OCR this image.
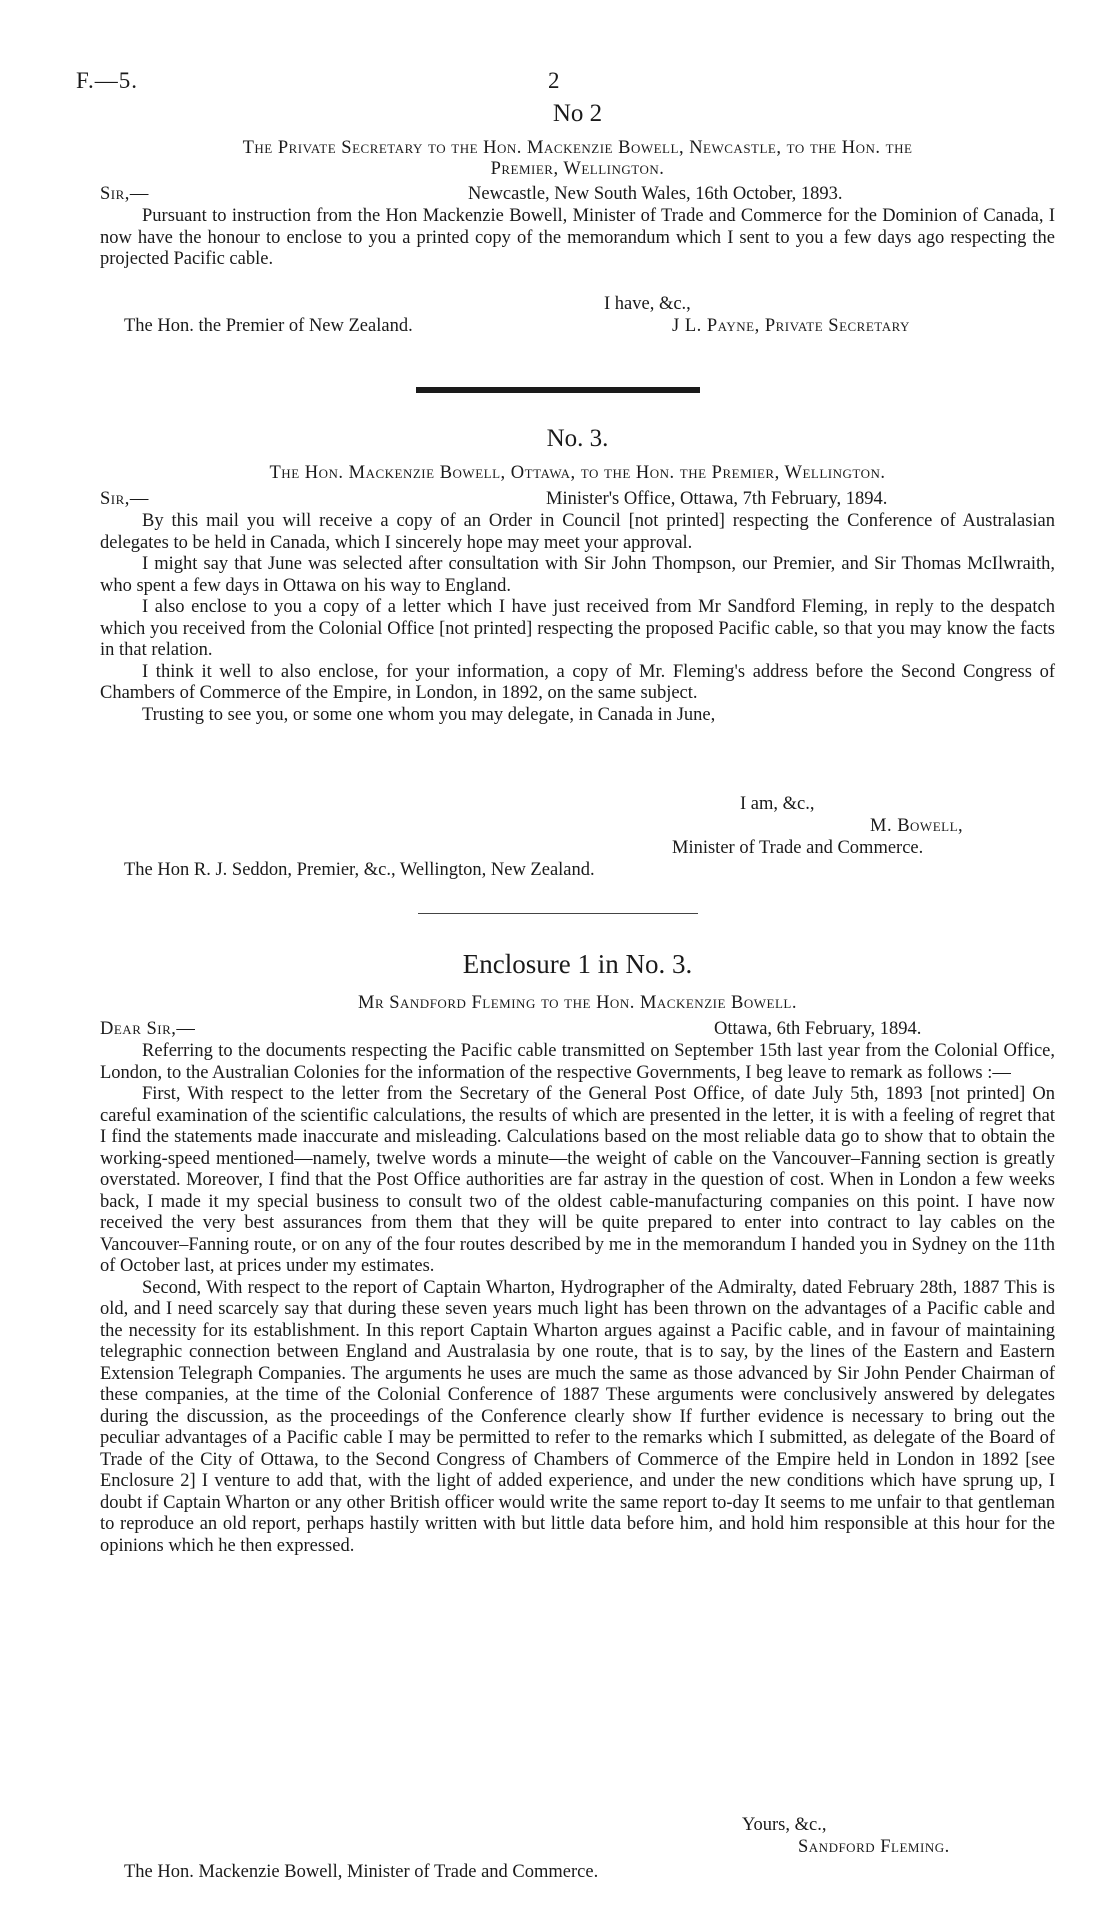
F.—5.	2
No 2
The Private Secretary to the Hon. Mackenzie Bowell, Newcastle, to the Hon. the
Premier, Wellington.
Sir,—	Newcastle, New South Wales, 16th October, 1893.

Pursuant to instruction from the Hon Mackenzie Bowell, Minister of Trade and Commerce for the Dominion of Canada, I now have the honour to enclose to you a printed copy of the memorandum which I sent to you a few days ago respecting the projected Pacific cable.

I have, &c.,
The Hon. the Premier of New Zealand.	J L. Payne, Private Secretary
No. 3.
The Hon. Mackenzie Bowell, Ottawa, to the Hon. the Premier, Wellington.
Sir,—	Minister's Office, Ottawa, 7th February, 1894.

By this mail you will receive a copy of an Order in Council [not printed] respecting the Conference of Australasian delegates to be held in Canada, which I sincerely hope may meet your approval.

I might say that June was selected after consultation with Sir John Thompson, our Premier, and Sir Thomas McIlwraith, who spent a few days in Ottawa on his way to England.

I also enclose to you a copy of a letter which I have just received from Mr Sandford Fleming, in reply to the despatch which you received from the Colonial Office [not printed] respecting the proposed Pacific cable, so that you may know the facts in that relation.

I think it well to also enclose, for your information, a copy of Mr. Fleming's address before the Second Congress of Chambers of Commerce of the Empire, in London, in 1892, on the same subject.

Trusting to see you, or some one whom you may delegate, in Canada in June,

I am, &c.,
M. Bowell,
Minister of Trade and Commerce.
The Hon R. J. Seddon, Premier, &c., Wellington, New Zealand.
Enclosure 1 in No. 3.
Mr Sandford Fleming to the Hon. Mackenzie Bowell.
Dear Sir,—	Ottawa, 6th February, 1894.

Referring to the documents respecting the Pacific cable transmitted on September 15th last year from the Colonial Office, London, to the Australian Colonies for the information of the respective Governments, I beg leave to remark as follows :—

First, With respect to the letter from the Secretary of the General Post Office, of date July 5th, 1893 [not printed] On careful examination of the scientific calculations, the results of which are presented in the letter, it is with a feeling of regret that I find the statements made inaccurate and misleading. Calculations based on the most reliable data go to show that to obtain the working-speed mentioned—namely, twelve words a minute—the weight of cable on the Vancouver–Fanning section is greatly overstated. Moreover, I find that the Post Office authorities are far astray in the question of cost. When in London a few weeks back, I made it my special business to consult two of the oldest cable-manufacturing companies on this point. I have now received the very best assurances from them that they will be quite prepared to enter into contract to lay cables on the Vancouver–Fanning route, or on any of the four routes described by me in the memorandum I handed you in Sydney on the 11th of October last, at prices under my estimates.

Second, With respect to the report of Captain Wharton, Hydrographer of the Admiralty, dated February 28th, 1887 This is old, and I need scarcely say that during these seven years much light has been thrown on the advantages of a Pacific cable and the necessity for its establishment. In this report Captain Wharton argues against a Pacific cable, and in favour of maintaining telegraphic connection between England and Australasia by one route, that is to say, by the lines of the Eastern and Eastern Extension Telegraph Companies. The arguments he uses are much the same as those advanced by Sir John Pender Chairman of these companies, at the time of the Colonial Conference of 1887 These arguments were conclusively answered by delegates during the discussion, as the proceedings of the Conference clearly show If further evidence is necessary to bring out the peculiar advantages of a Pacific cable I may be permitted to refer to the remarks which I submitted, as delegate of the Board of Trade of the City of Ottawa, to the Second Congress of Chambers of Commerce of the Empire held in London in 1892 [see Enclosure 2] I venture to add that, with the light of added experience, and under the new conditions which have sprung up, I doubt if Captain Wharton or any other British officer would write the same report to-day It seems to me unfair to that gentleman to reproduce an old report, perhaps hastily written with but little data before him, and hold him responsible at this hour for the opinions which he then expressed.

Yours, &c.,
Sandford Fleming.
The Hon. Mackenzie Bowell, Minister of Trade and Commerce.
